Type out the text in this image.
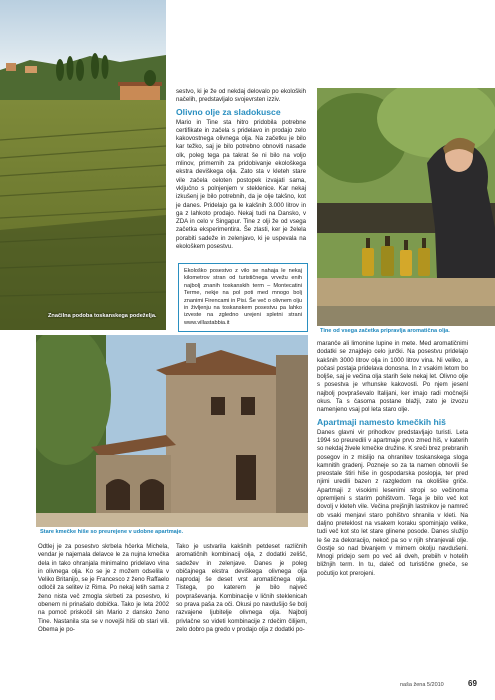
Značilna podoba toskanskega podeželja.

sestvo, ki je že od nekdaj delovalo po ekoloških načelih, predstavljalo svojevrsten izziv.

Olivno olje za sladokusce

Mario in Tine sta hitro pridobila potrebne certifikate in začela s pridelavo in prodajo zelo kakovostnega olivnega olja. Na začetku je bilo kar težko, saj je bilo potrebno obnoviti nasade olk, poleg tega pa takrat še ni bilo na voljo mlinov, primernih za pridobivanje ekološkega ekstra deviškega olja. Zato sta v kleteh stare vile začela celoten postopek izvajati sama, vključno s polnjenjem v steklenice. Kar nekaj izkušenj je bilo potrebnih, da je olje takšno, kot je danes. Pridelajo ga le kakšnih 3.000 litrov in ga z lahkoto prodajo. Nekaj tudi na Dansko, v ZDA in celo v Singapur. Tine z olji že od vsega začetka eksperimentira. Še zlasti, ker je želela porabiti sadeže in zelenjavo, ki je uspevala na ekološkem posestvu.

Ekološko posestvo z vilo se nahaja le nekaj kilometrov stran od turističnega vrvežu enih najbolj znanih toskanskih term – Montecatini Terme, nekje na pol poti med mnogo bolj znanimi Firencami in Pisi. Še več o olivnem olju in življenju na toskanskem posestvu pa lahko izveste na zgledno urejeni spletni strani www.villastabbia.it
Tine od vsega začetka pripravlja aromatična olja.
Stare kmečke hiše so preurejene v udobne apartmaje.

maranče ali limonine lupine in mete. Med aromatičnimi dodatki se znajdejo celo jurčki. Na posestvu pridelajo kakšnih 3000 litrov olja in 1000 litrov vina. Ni veliko, a počasi postaja pridelava donosna. In z vsakim letom bo boljše, saj je večina olja starih šele nekaj let. Olivno olje s posestva je vrhunske kakovosti. Po njem jesenl najbolj povpraševalo Italijani, ker imajo radi močnejši okus. Ta s časoma postane blažji, zato je izvozu namenjeno vsaj pol leta staro olje.

Apartmaji namesto kmečkih hiš

Danes glavni vir prihodkov predstavljajo turisti. Leta 1994 so preuredili v apartmaje prvo zmed hiš, v katerih so nekdaj živele kmečke družine. K sreči brez prebranih posegov in z mislijo na ohranitev toskanskega sloga kamnitih gradenj. Pozneje so za ta namen obnovili še preostale štiri hiše in gospodarska poslopja, ter pred njimi uredili bazen z razgledom na okoliške griče. Apartmaji z visokimi lesenimi stropi so večinoma opremljeni s starim pohištvom. Tega je bilo več kot dovolj v kleteh vile. Večina prejšnjih lastnikov je namreč ob vsaki menjavi staro pohištvo shranila v kleti. Na daljno preteklost na vsakem koraku spominjajo velike, tudi več kot sto let stare glinene posode. Danes služijo le še za dekoracijo, nekoč pa so v njih shranjevali olje. Gostje so nad bivanjem v mirnem okolju navdušeni. Mnogi pridejo sem po več ali dveh, prebiih v hotelih bližnjih term. In tu, daleč od turistične gneče, se počutijo kot prerojeni.

Odtlej je za posestvo skrbela hčerka Michela, vendar je najemala delavce le za nujna kmečka dela in tako ohranjala minimalno pridelavo vina in olivnega olja. Ko se je z možem odselila v Veliko Britanijo, se je Francesco z ženo Raffaelo odločil za selitev iz Rima. Po nekaj letih sama z ženo nista več zmogla skrbeti za posestvo, ki obenem ni prinašalo dobička. Tako je leta 2002 na pomoč priskočil sin Mario z dansko ženo Tine. Nastanila sta se v novejši hiši ob stari vili. Obema je po-

Tako je ustvarila kakšnih petdeset različnih aromatičnih kombinacij olja, z dodatki zelišč, sadežev in zelenjave. Danes je poleg običajnega ekstra deviškega olivnega olja naprodaj še deset vrst aromatičnega olja. Tistega, po katerem je bilo največ povpraševanja. Kombinacije v ličnih steklenicah so prava paša za oči. Okusi po navdušijo še bolj razvajene ljubitelje olivnega olja. Najbolj privlačne so videti kombinacije z rdečim čilijem, zelo dobro pa gredo v prodajo olja z dodatki po-

naša žena 5/2010	69
